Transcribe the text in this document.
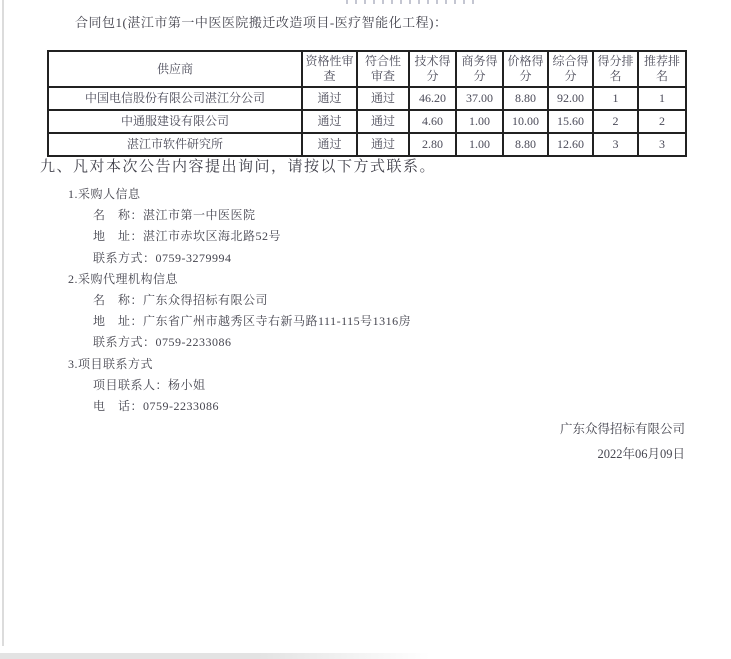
合同包1(湛江市第一中医医院搬迁改造项目-医疗智能化工程)：
供应商	资格性审查	符合性审查	技术得分	商务得分	价格得分	综合得分	得分排名	推荐排名
中国电信股份有限公司湛江分公司	通过	通过	46.20	37.00	8.80	92.00	1	1
中通服建设有限公司	通过	通过	4.60	1.00	10.00	15.60	2	2
湛江市软件研究所	通过	通过	2.80	1.00	8.80	12.60	3	3
九、凡对本次公告内容提出询问，请按以下方式联系。

1.采购人信息

名　称：湛江市第一中医医院

地　址：湛江市赤坎区海北路52号

联系方式：0759-3279994

2.采购代理机构信息

名　称：广东众得招标有限公司

地　址：广东省广州市越秀区寺右新马路111-115号1316房

联系方式：0759-2233086

3.项目联系方式

项目联系人：杨小姐

电　话：0759-2233086

广东众得招标有限公司
2022年06月09日
